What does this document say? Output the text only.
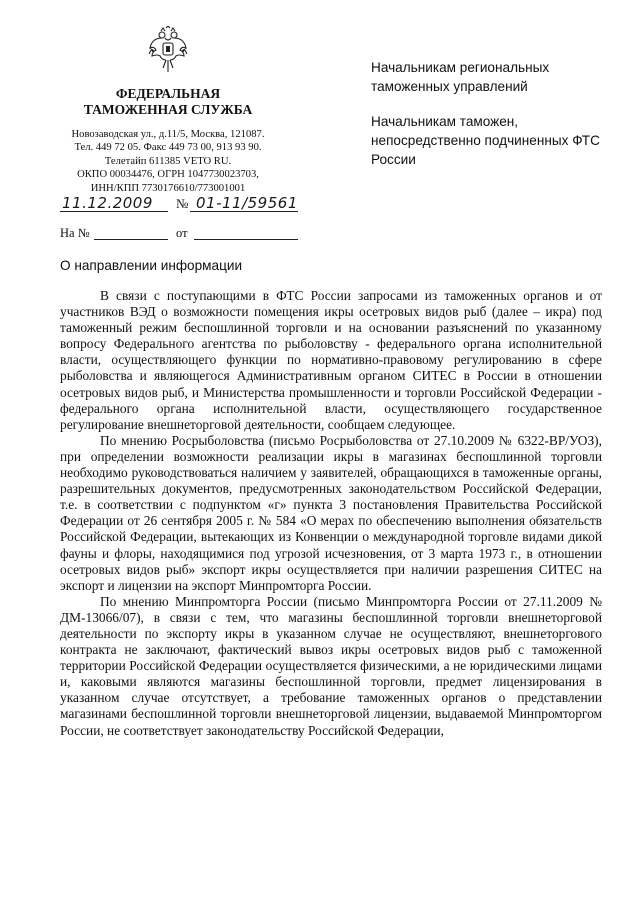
ФЕДЕРАЛЬНАЯ
ТАМОЖЕННАЯ СЛУЖБА
Новозаводская ул., д.11/5, Москва, 121087.
Тел. 449 72 05. Факс 449 73 00, 913 93 90.
Телетайп 611385 VETO RU.
ОКПО 00034476, ОГРН 1047730023703,
ИНН/КПП 7730176610/773001001
11.12.2009 № 01-11/59561
На №	от

Начальникам региональных таможенных управлений

Начальникам таможен, непосредственно подчиненных ФТС России

О направлении информации

В связи с поступающими в ФТС России запросами из таможенных органов и от участников ВЭД о возможности помещения икры осетровых видов рыб (далее – икра) под таможенный режим беспошлинной торговли и на основании разъяснений по указанному вопросу Федерального агентства по рыболовству - федерального органа исполнительной власти, осуществляющего функции по нормативно-правовому регулированию в сфере рыболовства и являющегося Административным органом СИТЕС в России в отношении осетровых видов рыб, и Министерства промышленности и торговли Российской Федерации - федерального органа исполнительной власти, осуществляющего государственное регулирование внешнеторговой деятельности, сообщаем следующее.

По мнению Росрыболовства (письмо Росрыболовства от 27.10.2009 № 6322-ВР/УОЗ), при определении возможности реализации икры в магазинах беспошлинной торговли необходимо руководствоваться наличием у заявителей, обращающихся в таможенные органы, разрешительных документов, предусмотренных законодательством Российской Федерации, т.е. в соответствии с подпунктом «г» пункта 3 постановления Правительства Российской Федерации от 26 сентября 2005 г. № 584 «О мерах по обеспечению выполнения обязательств Российской Федерации, вытекающих из Конвенции о международной торговле видами дикой фауны и флоры, находящимися под угрозой исчезновения, от 3 марта 1973 г., в отношении осетровых видов рыб» экспорт икры осуществляется при наличии разрешения СИТЕС на экспорт и лицензии на экспорт Минпромторга России.

По мнению Минпромторга России (письмо Минпромторга России от 27.11.2009 № ДМ-13066/07), в связи с тем, что магазины беспошлинной торговли внешнеторговой деятельности по экспорту икры в указанном случае не осуществляют, внешнеторгового контракта не заключают, фактический вывоз икры осетровых видов рыб с таможенной территории Российской Федерации осуществляется физическими, а не юридическими лицами и, каковыми являются магазины беспошлинной торговли, предмет лицензирования в указанном случае отсутствует, а требование таможенных органов о представлении магазинами беспошлинной торговли внешнеторговой лицензии, выдаваемой Минпромторгом России, не соответствует законодательству Российской Федерации,
